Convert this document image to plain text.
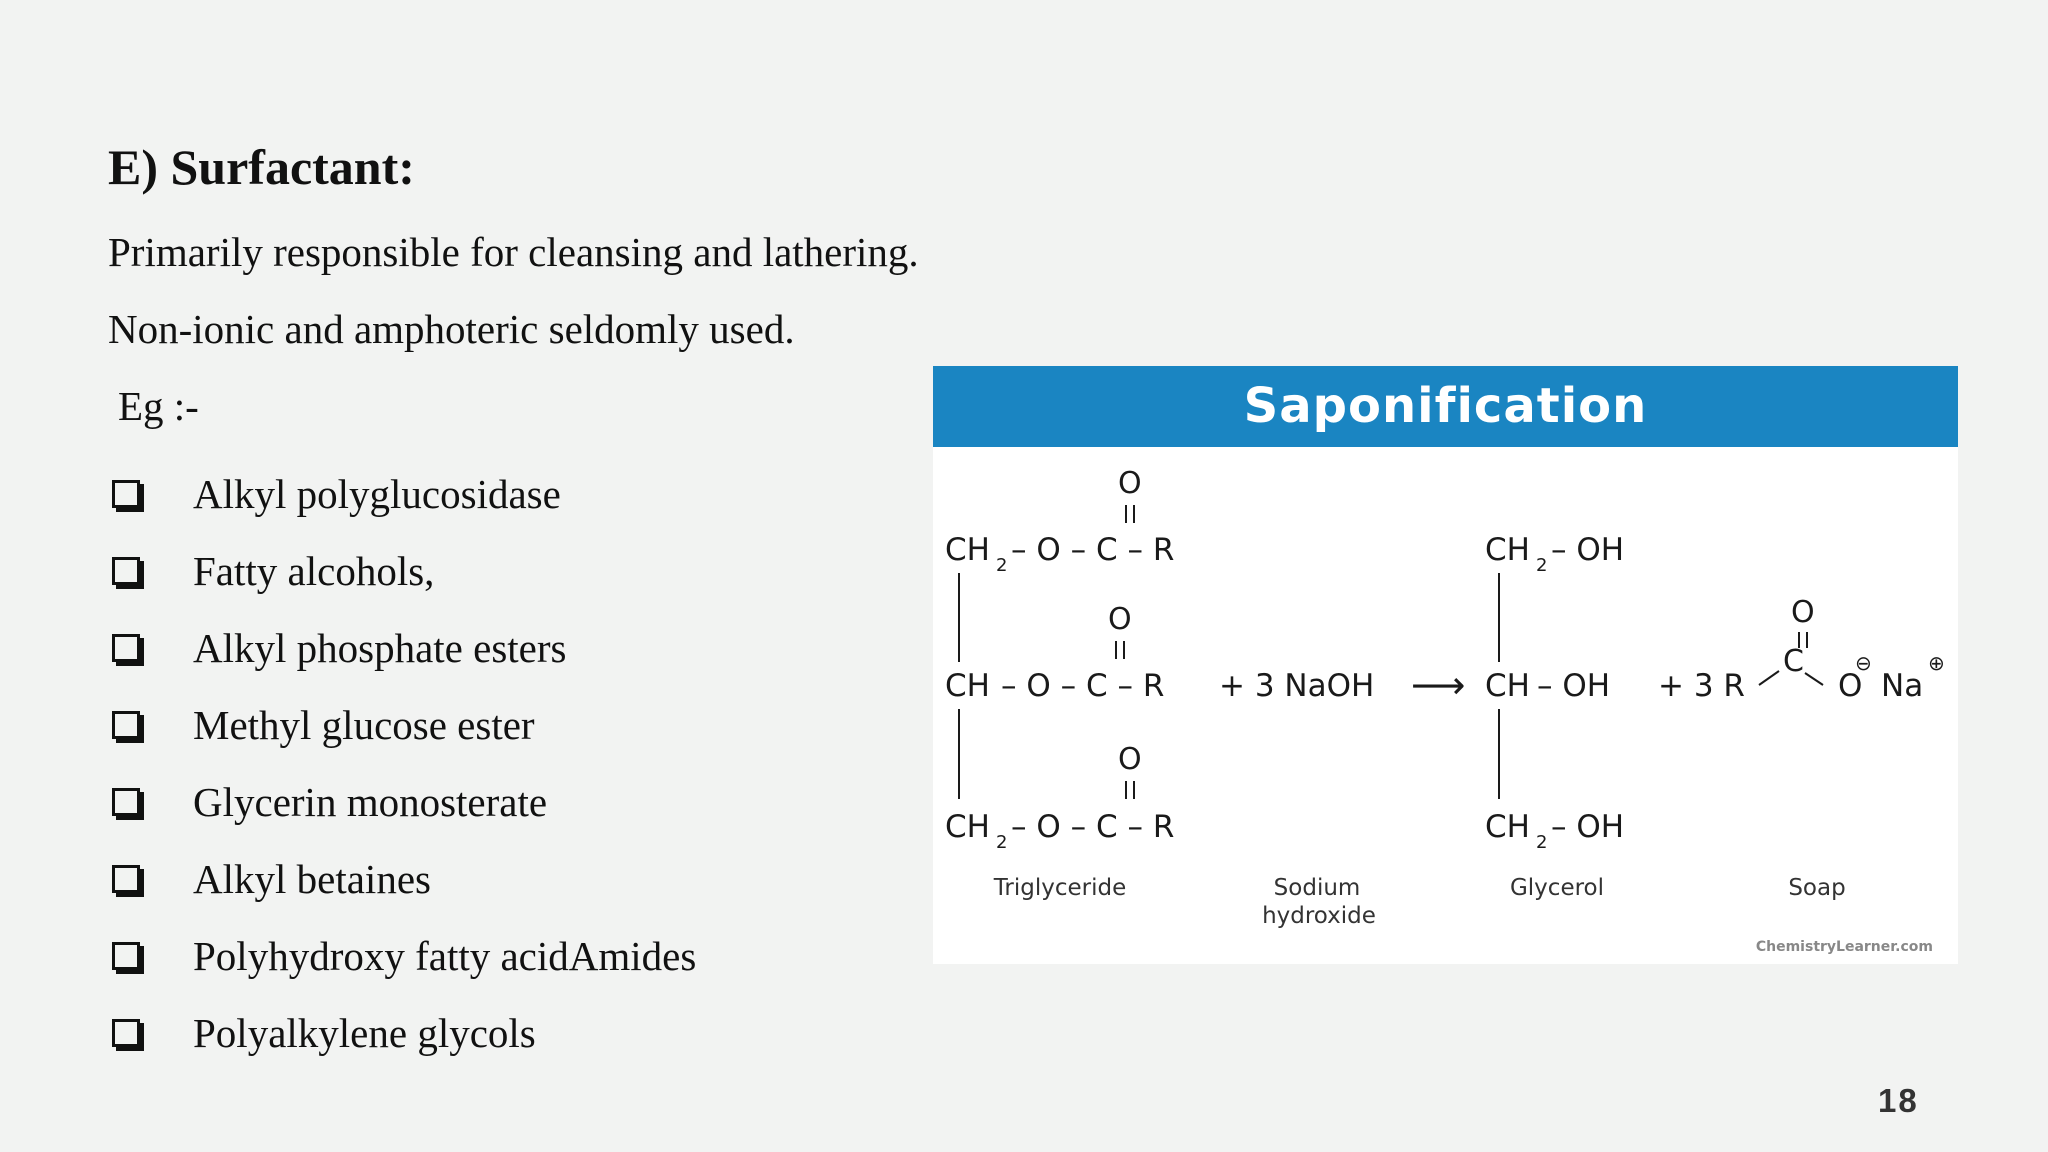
E) Surfactant:

Primarily responsible for cleansing and lathering.

Non-ionic and amphoteric seldomly used.

Eg :-

Alkyl polyglucosidase
Fatty alcohols,
Alkyl phosphate esters
Methyl glucose ester
Glycerin monosterate
Alkyl betaines
Polyhydroxy fatty acidAmides
Polyalkylene glycols
Saponification
O
CH 2 – O – C – R
O
CH – O – C – R
O
CH 2 – O – C – R
+ 3 NaOH ⟶
CH 2 – OH
CH – OH
CH 2 – OH
+ 3 R
C
O
O
⊖
Na
⊕
Triglyceride	Sodium
hydroxide
Glycerol	Soap
ChemistryLearner.com
18
